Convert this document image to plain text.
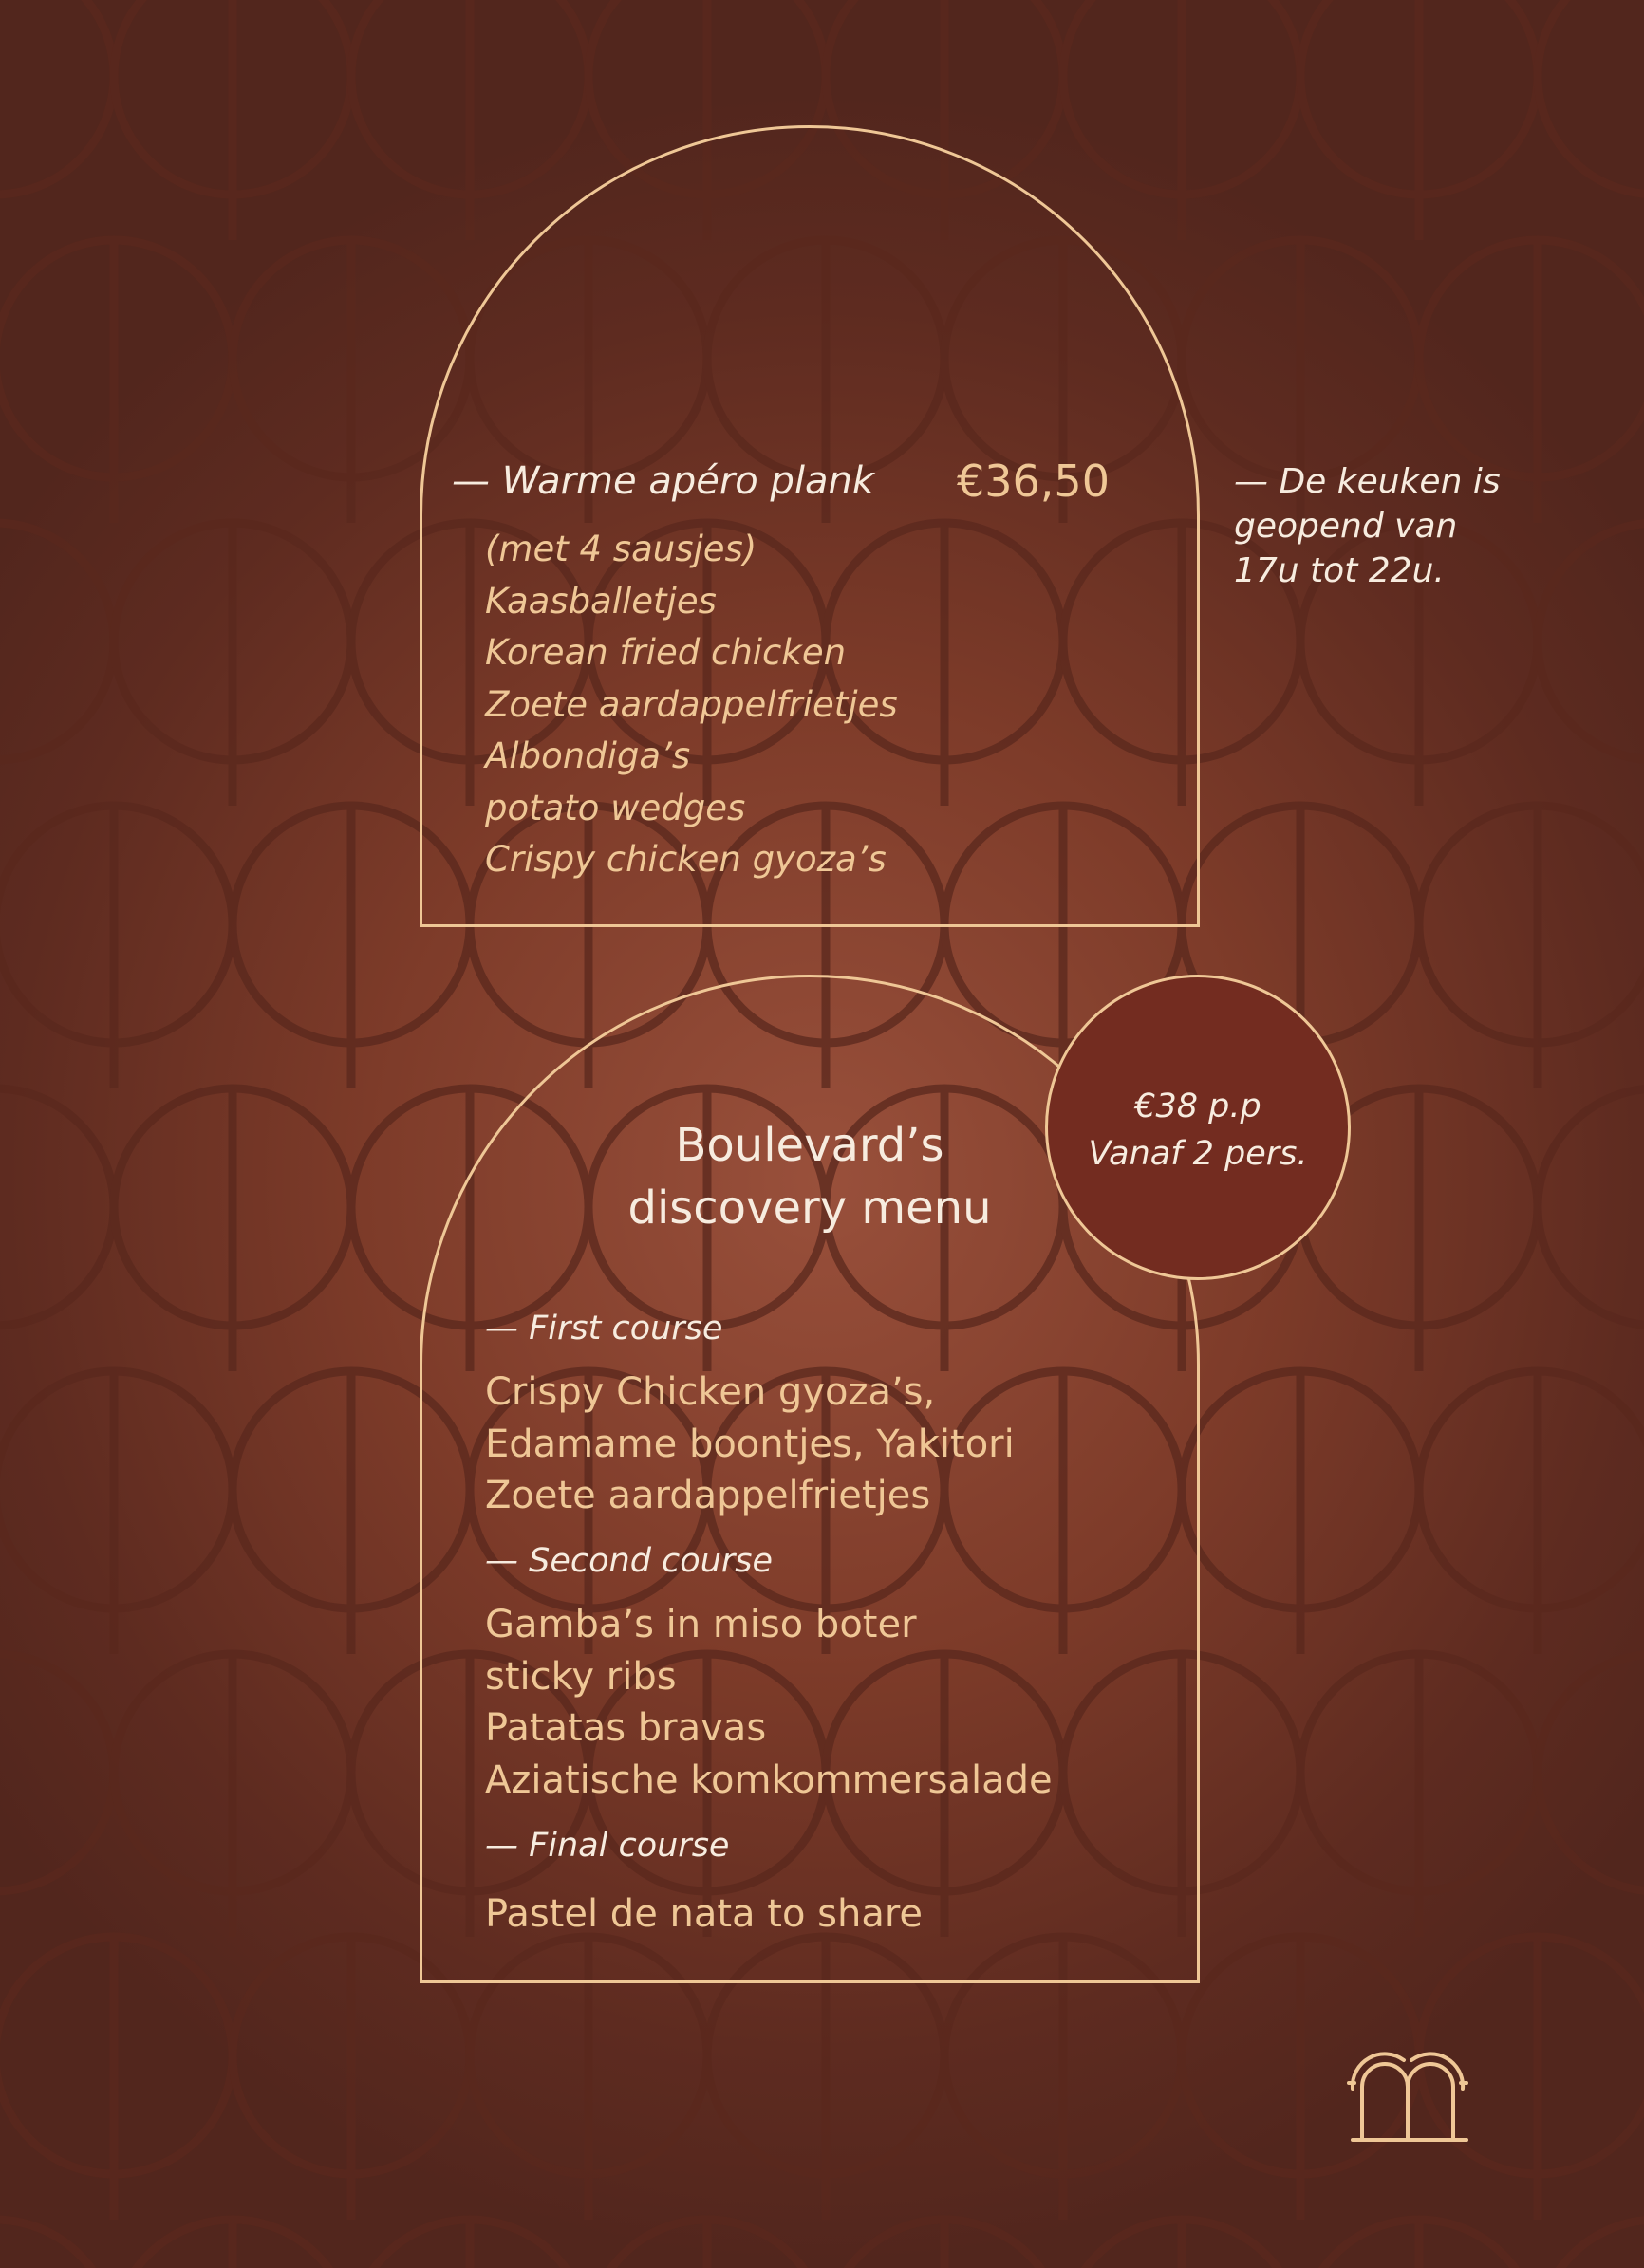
— Warme apéro plank €36,50
(met 4 sausjes)
Kaasballetjes
Korean fried chicken
Zoete aardappelfrietjes
Albondiga’s
potato wedges
Crispy chicken gyoza’s
— De keuken is
geopend van
17u tot 22u.
€38 p.p
Vanaf 2 pers.
Boulevard’s
discovery menu
— First course
Crispy Chicken gyoza’s,
Edamame boontjes, Yakitori
Zoete aardappelfrietjes
— Second course
Gamba’s in miso boter
sticky ribs
Patatas bravas
Aziatische komkommersalade
— Final course
Pastel de nata to share
